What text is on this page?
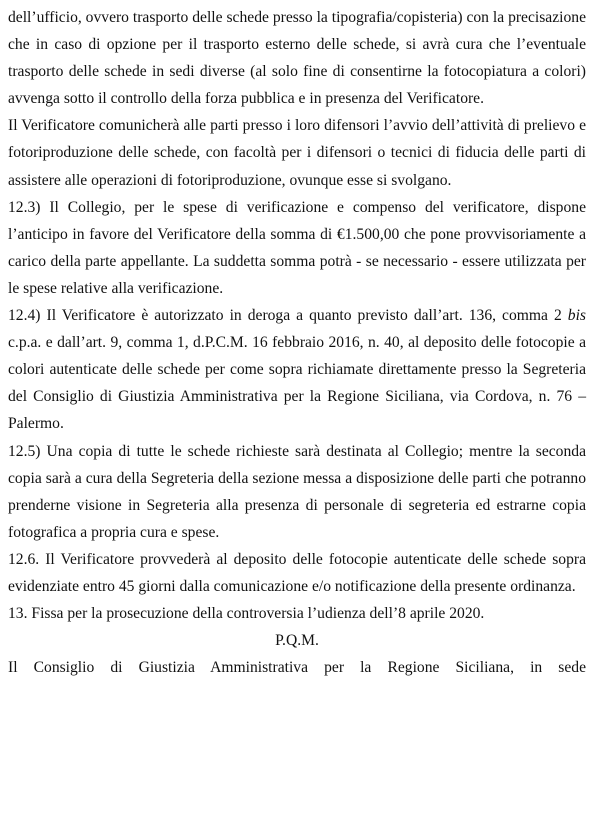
dell’ufficio, ovvero trasporto delle schede presso la tipografia/copisteria) con la precisazione che in caso di opzione per il trasporto esterno delle schede, si avrà cura che l’eventuale trasporto delle schede in sedi diverse (al solo fine di consentirne la fotocopiatura a colori) avvenga sotto il controllo della forza pubblica e in presenza del Verificatore.

Il Verificatore comunicherà alle parti presso i loro difensori l’avvio dell’attività di prelievo e fotoriproduzione delle schede, con facoltà per i difensori o tecnici di fiducia delle parti di assistere alle operazioni di fotoriproduzione, ovunque esse si svolgano.

12.3) Il Collegio, per le spese di verificazione e compenso del verificatore, dispone l’anticipo in favore del Verificatore della somma di €1.500,00 che pone provvisoriamente a carico della parte appellante. La suddetta somma potrà - se necessario - essere utilizzata per le spese relative alla verificazione.

12.4) Il Verificatore è autorizzato in deroga a quanto previsto dall’art. 136, comma 2 bis c.p.a. e dall’art. 9, comma 1, d.P.C.M. 16 febbraio 2016, n. 40, al deposito delle fotocopie a colori autenticate delle schede per come sopra richiamate direttamente presso la Segreteria del Consiglio di Giustizia Amministrativa per la Regione Siciliana, via Cordova, n. 76 – Palermo.

12.5) Una copia di tutte le schede richieste sarà destinata al Collegio; mentre la seconda copia sarà a cura della Segreteria della sezione messa a disposizione delle parti che potranno prenderne visione in Segreteria alla presenza di personale di segreteria ed estrarne copia fotografica a propria cura e spese.

12.6. Il Verificatore provvederà al deposito delle fotocopie autenticate delle schede sopra evidenziate entro 45 giorni dalla comunicazione e/o notificazione della presente ordinanza.

13. Fissa per la prosecuzione della controversia l’udienza dell’8 aprile 2020.

P.Q.M.

Il Consiglio di Giustizia Amministrativa per la Regione Siciliana, in sede
